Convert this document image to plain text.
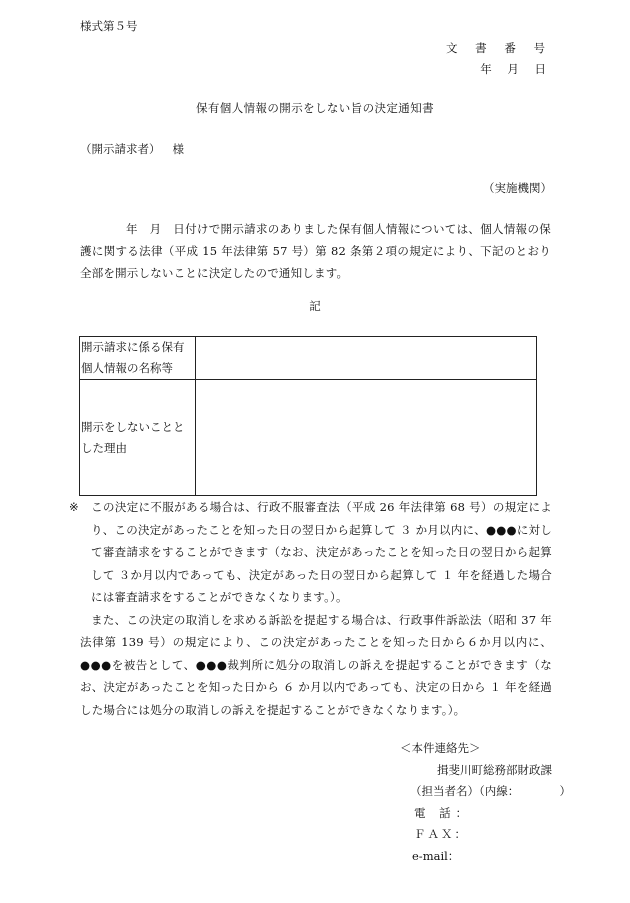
様式第５号
文 書 番 号
年 月 日
保有個人情報の開示をしない旨の決定通知書
（開示請求者） 様
（実施機関）
年　月　日付けで開示請求のありました保有個人情報については、個人情報の保護に関する法律（平成 15 年法律第 57 号）第 82 条第２項の規定により、下記のとおり全部を開示しないことに決定したので通知します。
記
開示請求に係る保有個人情報の名称等	
開示をしないこととした理由	

※ この決定に不服がある場合は、行政不服審査法（平成 26 年法律第 68 号）の規定により、この決定があったことを知った日の翌日から起算して ３ か月以内に、●●●に対して審査請求をすることができます（なお、決定があったことを知った日の翌日から起算して ３か月以内であっても、決定があった日の翌日から起算して １ 年を経過した場合には審査請求をすることができなくなります。）。

また、この決定の取消しを求める訴訟を提起する場合は、行政事件訴訟法（昭和 37 年法律第 139 号）の規定により、この決定があったことを知った日から６か月以内に、●●●を被告として、●●●裁判所に処分の取消しの訴えを提起することができます（なお、決定があったことを知った日から ６ か月以内であっても、決定の日から １ 年を経過した場合には処分の取消しの訴えを提起することができなくなります。）。

＜本件連絡先＞
揖斐川町総務部財政課
（担当者名）（内線：　　　　）
電 話：
ＦＡＸ：
e-mail：
